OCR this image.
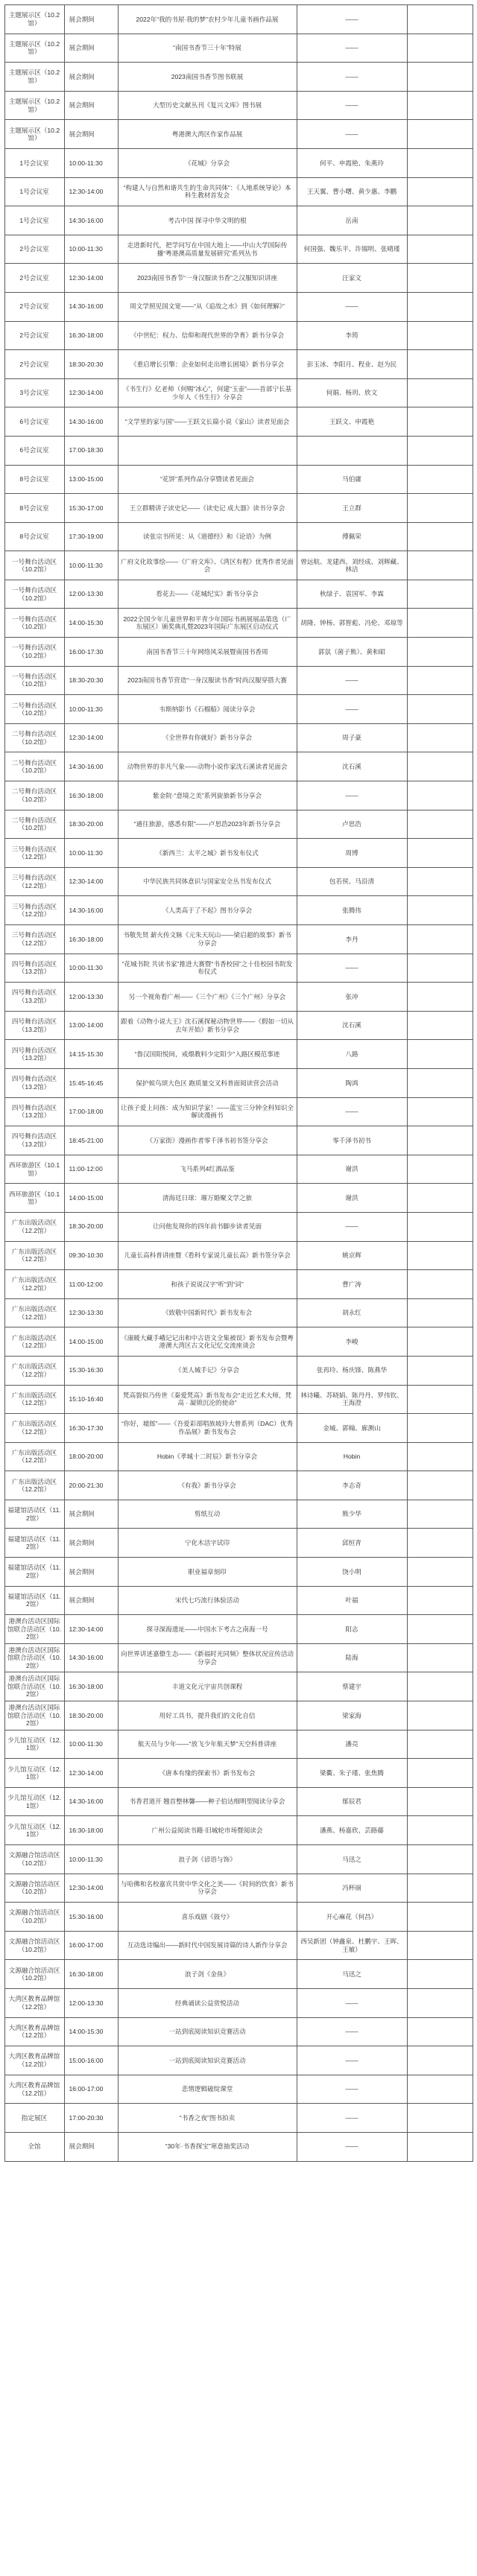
主题展示区（10.2馆）	展会期间	2022年“我的书屋·我的梦”农村少年儿童书画作品展	——	
主题展示区（10.2馆）	展会期间	“南国书香节三十年”特展	——	
主题展示区（10.2馆）	展会期间	2023南国书香节图书联展	——	
主题展示区（10.2馆）	展会期间	大型历史文献丛刊《复兴文库》图书展	——	
主题展示区（10.2馆）	展会期间	粤港澳大湾区作家作品展	——	
1号会议室	10:00-11:30	《花城》分享会	何平、申霞艳、朱燕玲	
1号会议室	12:30-14:00	“构建人与自然和谐共生的生命共同体”：《人地系统导论》本科生教材首发会	王天翼、曹小曙、黄少惠、李鹏	
1号会议室	14:30-16:00	考古中国 探寻中华文明的根	岳南	
2号会议室	10:00-11:30	走进新时代，把学问写在中国大地上——中山大学国际传播“粤港澳高质量发展研究”系列丛书	何国强、魏乐平、许锡明、张晴瑾	
2号会议室	12:30-14:00	2023南国书香节“一身汉服读书香”之汉服知识讲座	汪家文	
2号会议室	14:30-16:00	周文学照见国文宽——“从《追故之水》到《如何理解》”	——	
2号会议室	16:30-18:00	《中世纪：权力、信仰和现代世界的孕育》新书分享会	李筠	
2号会议室	18:30-20:30	《重启增长引擎：企业如何走出增长困境》新书分享会	彭玉冰、李阳月、程业、赵为民	
3号会议室	12:30-14:00	《书生行》亿老师（何赐“冰心”，何建“玉壶”——首部宁长基少年人《书生行》分享会	何娟、杨玥、欣文	
6号会议室	14:30-16:00	“文学里的家与国”——王跃文长篇小说《家山》读者见面会	王跃文、申霞艳	
6号会议室	17:00-18:30			
8号会议室	13:00-15:00	“花饼”系列作品分享暨读者见面会	马伯庸	
8号会议室	15:30-17:00	王立群精讲子读史记——《读史记 成大器》读书分享会	王立群	
8号会议室	17:30-19:00	读张宗书所见：从《道德经》和《论语》为例	傅佩荣	
一号舞台活动区（10.2馆）	10:00-11:30	广府文化故事绘——《广府文库》、《湾区有程》优秀作者见面会	曾远航、龙建西、刘经成、刘辉藏、林洁	
一号舞台活动区（10.2馆）	12:00-13:30	看花去——《花城纪实》新书分享会	秋绿子、袁国军、李霖	
一号舞台活动区（10.2馆）	14:00-15:30	2022全国少年儿童世界和平青少年国际书画展展品第选（广东展区）颁奖典礼暨2023年国际广东展区启动仪式	胡隆、钟杨、郭智彪、冯伦、邓琼等	
一号舞台活动区（10.2馆）	16:00-17:30	南国书香节三十年网络风采展暨南国书香周	郭氛（菌子熊）、黄和昭	
一号舞台活动区（10.2馆）	18:30-20:30	2023南国书香节营造“一身汉服读书香”时尚汉服穿搭大赛	——	
二号舞台活动区（10.2馆）	10:00-11:30	韦斯纳影书《石榴船》阅读分享会	——	
二号舞台活动区（10.2馆）	12:30-14:00	《全世界有你就好》新书分享会	周子豪	
二号舞台活动区（10.2馆）	14:30-16:00	动物世界的非凡气象——动物小说作家沈石溪读者见面会	沈石溪	
二号舞台活动区（10.2馆）	16:30-18:00	紫金院·“意境之美”系列旋旅新书分享会	——	
二号舞台活动区（10.2馆）	18:30-20:00	“通往旅游，感悉有限”——卢思浩2023年新书分享会	卢思浩	
三号舞台活动区（12.2馆）	10:00-11:30	《新西兰：太平之城》新书发布仪式	周博	
三号舞台活动区（12.2馆）	12:30-14:00	中华民族共同体意识与国家安全丛书发布仪式	包若侯、马沿清	
三号舞台活动区（12.2馆）	14:30-16:00	《人类高于了不起》图书分享会	张腾伟	
三号舞台活动区（12.2馆）	16:30-18:00	书敬先贤 薪火传文脉《元朱天玩山——梁启超的故事》新书分享会	李丹	
四号舞台活动区（13.2馆）	10:00-11:30	“花城书院 共读书家”推进大赛暨“书香校园”之十佳校园书院发布仪式	——	
四号舞台活动区（13.2馆）	12:00-13:30	另一个视角看广州——《三个广州》《三个广州》分享会	张冲	
四号舞台活动区（13.2馆）	13:00-14:00	跟着《动物小说大王》沈石溪探秘动物世界——《假如一切从去年开始》新书分享会	沈石溪	
四号舞台活动区（13.2馆）	14:15-15:30	“鲁汉国阳悦间，戒煨教料少定阳少”入路区模范事迹	八路	
四号舞台活动区（13.2馆）	15:45-16:45	保护候鸟颂大色区 跑质量交叉科普面阅读营会活动	陶鸿	
四号舞台活动区（13.2馆）	17:00-18:00	让孩子爱上问孩：成为知识学家！——蓝宝三分钟全科知识全解读漫画书	——	
四号舞台活动区（13.2馆）	18:45-21:00	《万家街》漫画作者零千泽书初书签分享会	零千泽书初书	
西环旅游区（10.1馆）	11:00-12:00	飞马系列4红酒品鉴	谢洪	
西环旅游区（10.1馆）	14:00-15:00	清海廷日球：璀万婚聚文学之旅	谢洪	
广东出版活动区（12.2馆）	18:30-20:00	让问他发现你的四年前书脚步读者见面	——	
广东出版活动区（12.2馆）	09:30-10:30	儿童长高科普讲座暨《看科专家说儿童长高》新书签分享会	姚京辉	
广东出版活动区（12.2馆）	11:00-12:00	和孩子说说汉字“听”到“词”	曹广涛	
广东出版活动区（12.2馆）	12:30-13:30	《致敬中国新时代》新书发布会	胡永红	
广东出版活动区（12.2馆）	14:00-15:00	《康暖大藏手峨记记出和中古语文全集被误》新书发布会暨粤港澳大湾区古文化记忆交流座谈会	李峻	
广东出版活动区（12.2馆）	15:30-16:30	《美人城手记》分享会	张再玲、杨庆锋、陈燕华	
广东出版活动区（12.2馆）	15:10-16:40	梵高裂似乃传世《秦爱梵高》新书发布会“走近艺术大师，梵高 · 凝锁沉沦的使命”	林诗曦、苏晓娟、陈丹丹、罗伟钦、王海澄	
广东出版活动区（12.2馆）	16:30-17:30	“你好，墟郎”——《吾爱彩部唱族坡玲大曾系列（DAC）优秀作品展》新书发布会	金城、郭翰、廊测山	
广东出版活动区（12.2馆）	18:00-20:00	Hobin《孝城十二时辰》新书分享会	Hobin	
广东出版活动区（12.2馆）	20:00-21:30	《有我》新书分享会	李志奇	
福建馆活动区（11.2馆）	展会期间	剪纸互动	熊少华	
福建馆活动区（11.2馆）	展会期间	宁化木活字试印	邱恒青	
福建馆活动区（11.2馆）	展会期间	职业福章刻印	饶小明	
福建馆活动区（11.2馆）	展会期间	宋代七巧流行体验活动	叶福	
港澳台活动区国际馆联合活动区（10.2馆）	12:30-14:00	探寻深海遗址——中国水下考古之南海一号	阳志	
港澳台活动区国际馆联合活动区（10.2馆）	14:30-16:00	向世界讲述嘉僚生态——《新福时光同频》整体状况宣传活动分享会	陆海	
港澳台活动区国际馆联合活动区（10.2馆）	16:30-18:00	丰道文化元宇宙共创课程	蔡建宇	
港澳台活动区国际馆联合活动区（10.2馆）	18:30-20:00	用好工具书，提升我们的文化自信	梁家海	
少儿馆互动区（12.1馆）	10:00-11:30	航天员与少年——“放飞少年航天梦”天空科普讲座	潘亮	
少儿馆互动区（12.1馆）	12:30-14:00	《唐本有缘的探索书》新书发布会	梁衢、朱子瑾、张焦腾	
少儿馆互动区（12.1馆）	14:30-16:00	书香君道开 翘首整林馨——种子伯达细明型阅读分享会	郁辰君	
少儿馆互动区（12.1馆）	16:30-18:00	广州公益阅读书籍·旧城轮市场暨阅读会	潘燕、杨嘉欣、芸路藤	
文源融合馆活动区（10.2馆）	10:00-11:30	浪子剑《谚语与饰》	马迅之	
文源融合馆活动区（10.2馆）	12:30-14:00	与哈佛和名校嘉宾共赏中华文化之美——《时间的饮食》新书分享会	冯杯丽	
文源融合馆活动区（10.2馆）	15:30-16:00	喜乐戏剧《鼓兮》	开心麻花（何昌）	
文源融合馆活动区（10.2馆）	16:00-17:00	互动选诗编出——新时代中国发展诗篇的诗人新作分享会	西吴新团（钟鑫泉、杜鹏宇、王晖、王敏）	
文源融合馆活动区（10.2馆）	16:30-18:00	浪子剑《金鱼》	马迅之	
大湾区教育品牌馆（12.2馆）	12:00-13:30	经典诵读公益赏悦活动	——	
大湾区教育品牌馆（12.2馆）	14:00-15:30	一站到底阅读知识竞赛活动	——	
大湾区教育品牌馆（12.2馆）	15:00-16:00	一站到底阅读知识竞赛活动	——	
大湾区教育品牌馆（12.2馆）	16:00-17:00	悲情逻辑破绽课堂	——	
指定展区	17:00-20:30	“书香之夜”图书拍卖	——	
全馆	展会期间	“30年·书香探宝”寒意抽奖活动	——	
